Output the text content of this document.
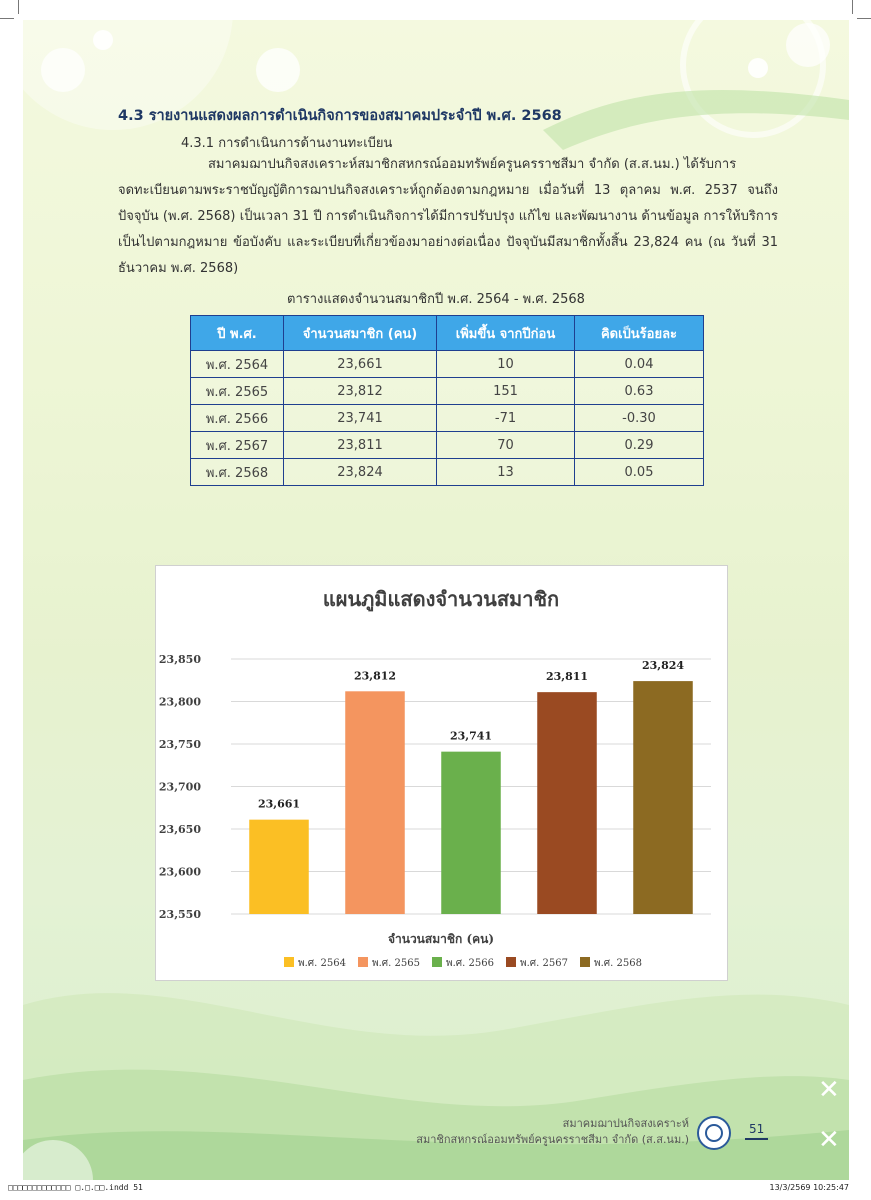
4.3 รายงานแสดงผลการดำเนินกิจการของสมาคมประจำปี พ.ศ. 2568
4.3.1 การดำเนินการด้านงานทะเบียน
สมาคมฌาปนกิจสงเคราะห์สมาชิกสหกรณ์ออมทรัพย์ครูนครราชสีมา จำกัด (ส.ส.นม.) ได้รับการ
จดทะเบียนตามพระราชบัญญัติการฌาปนกิจสงเคราะห์ถูกต้องตามกฎหมาย เมื่อวันที่ 13 ตุลาคม พ.ศ. 2537 จนถึงปัจจุบัน (พ.ศ. 2568) เป็นเวลา 31 ปี การดำเนินกิจการได้มีการปรับปรุง แก้ไข และพัฒนางาน ด้านข้อมูล การให้บริการเป็นไปตามกฎหมาย ข้อบังคับ และระเบียบที่เกี่ยวข้องมาอย่างต่อเนื่อง ปัจจุบันมีสมาชิกทั้งสิ้น 23,824 คน (ณ วันที่ 31 ธันวาคม พ.ศ. 2568)
ตารางแสดงจำนวนสมาชิกปี พ.ศ. 2564 - พ.ศ. 2568
ปี พ.ศ.	จำนวนสมาชิก (คน)	เพิ่มขึ้น จากปีก่อน	คิดเป็นร้อยละ
พ.ศ. 2564	23,661	10	0.04
พ.ศ. 2565	23,812	151	0.63
พ.ศ. 2566	23,741	-71	-0.30
พ.ศ. 2567	23,811	70	0.29
พ.ศ. 2568	23,824	13	0.05
แผนภูมิแสดงจำนวนสมาชิก
23,550
23,600
23,650
23,700
23,750
23,800
23,850
23,661
23,812
23,741
23,811
23,824
จำนวนสมาชิก (คน)
พ.ศ. 2564	พ.ศ. 2565	พ.ศ. 2566	พ.ศ. 2567	พ.ศ. 2568
สมาคมฌาปนกิจสงเคราะห์
สมาชิกสหกรณ์ออมทรัพย์ครูนครราชสีมา จำกัด (ส.ส.นม.)
51
✕
✕
□□□□□□□□□□□□□ □.□.□□.indd 51	13/3/2569 10:25:47
